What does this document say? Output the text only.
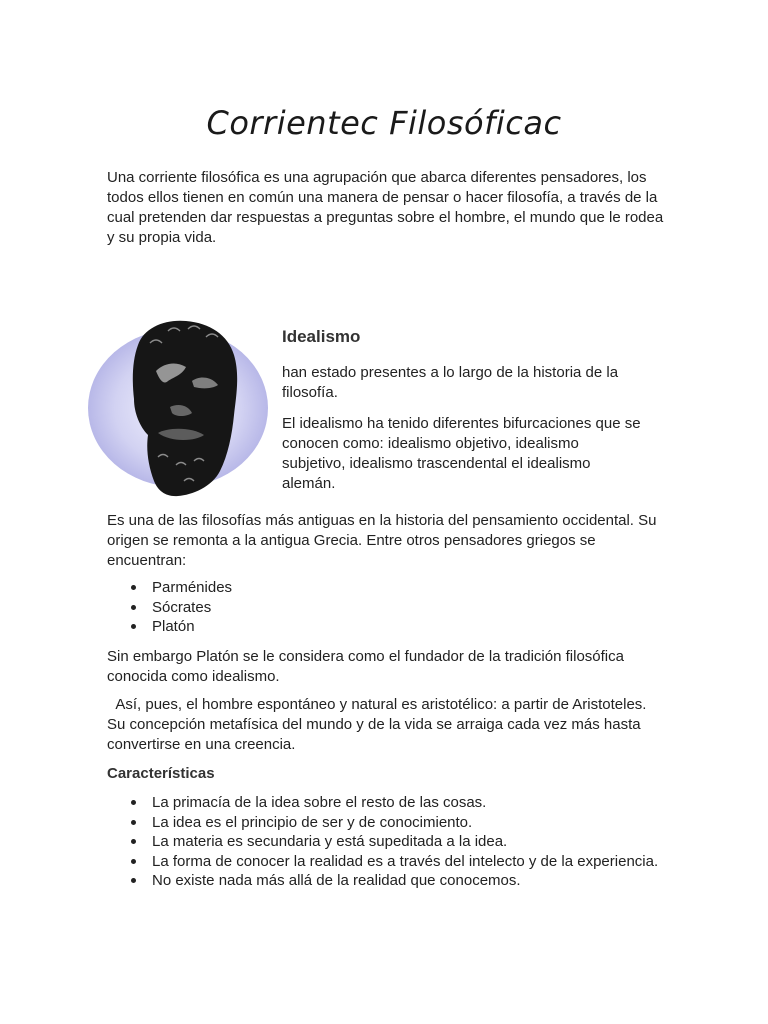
Corrientec Filosóficac
Una corriente filosófica es una agrupación que abarca diferentes pensadores, los todos ellos tienen en común una manera de pensar o hacer filosofía, a través de la cual pretenden dar respuestas a preguntas sobre el hombre, el mundo que le rodea y su propia vida.
Idealismo
han estado presentes a lo largo de la historia de la filosofía.
El idealismo ha tenido diferentes bifurcaciones que se conocen como: idealismo objetivo, idealismo subjetivo, idealismo trascendental el idealismo alemán.
Es una de las filosofías más antiguas en la historia del pensamiento occidental. Su origen se remonta a la antigua Grecia. Entre otros pensadores griegos se encuentran:
Parménides
Sócrates
Platón
Sin embargo Platón se le considera como el fundador de la tradición filosófica conocida como idealismo.
Así, pues, el hombre espontáneo y natural es aristotélico: a partir de Aristoteles. Su concepción metafísica del mundo y de la vida se arraiga cada vez más hasta convertirse en una creencia.
Características
La primacía de la idea sobre el resto de las cosas.
La idea es el principio de ser y de conocimiento.
La materia es secundaria y está supeditada a la idea.
La forma de conocer la realidad es a través del intelecto y de la experiencia.
No existe nada más allá de la realidad que conocemos.
